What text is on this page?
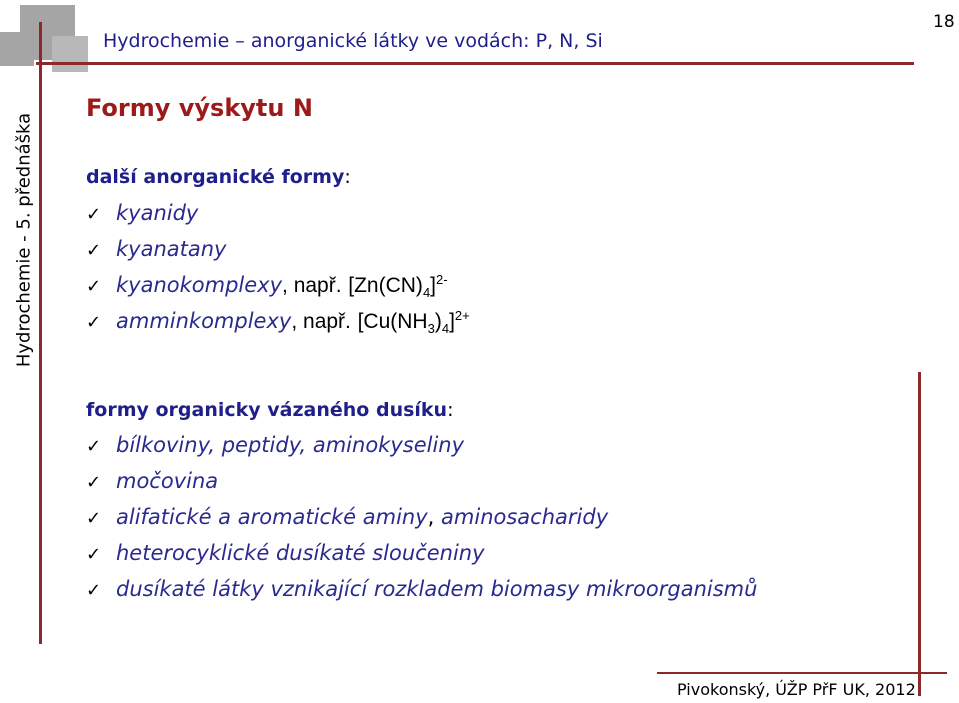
Hydrochemie – anorganické látky ve vodách: P, N, Si
18
Hydrochemie - 5. přednáška
Formy výskytu N
další anorganické formy:
✓ kyanidy
✓ kyanatany
✓ kyanokomplexy, např. $[Zn(CN)_4]^{2-}$
✓ amminkomplexy, např. $[Cu(NH_3)_4]^{2+}$
formy organicky vázaného dusíku:
✓ bílkoviny, peptidy, aminokyseliny
✓ močovina
✓ alifatické a aromatické aminy, aminosacharidy
✓ heterocyklické dusíkaté sloučeniny
✓ dusíkaté látky vznikající rozkladem biomasy mikroorganismů
Pivokonský, ÚŽP PřF UK, 2012
